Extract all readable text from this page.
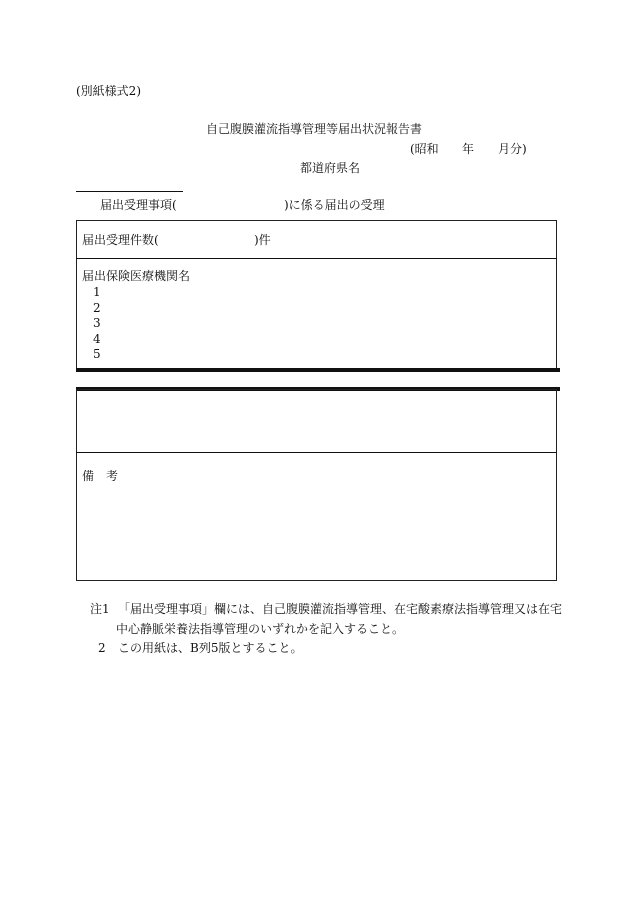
(別紙様式2)
自己腹膜灌流指導管理等届出状況報告書
(昭和 年 月分)
都道府県名
届出受理事項(	)に係る届出の受理
届出受理件数(	)件
届出保険医療機関名
1
2
3
4
5
備　考
注1 「届出受理事項」欄には、自己腹膜灌流指導管理、在宅酸素療法指導管理又は在宅
中心静脈栄養法指導管理のいずれかを記入すること。
2 この用紙は、B列5版とすること。
